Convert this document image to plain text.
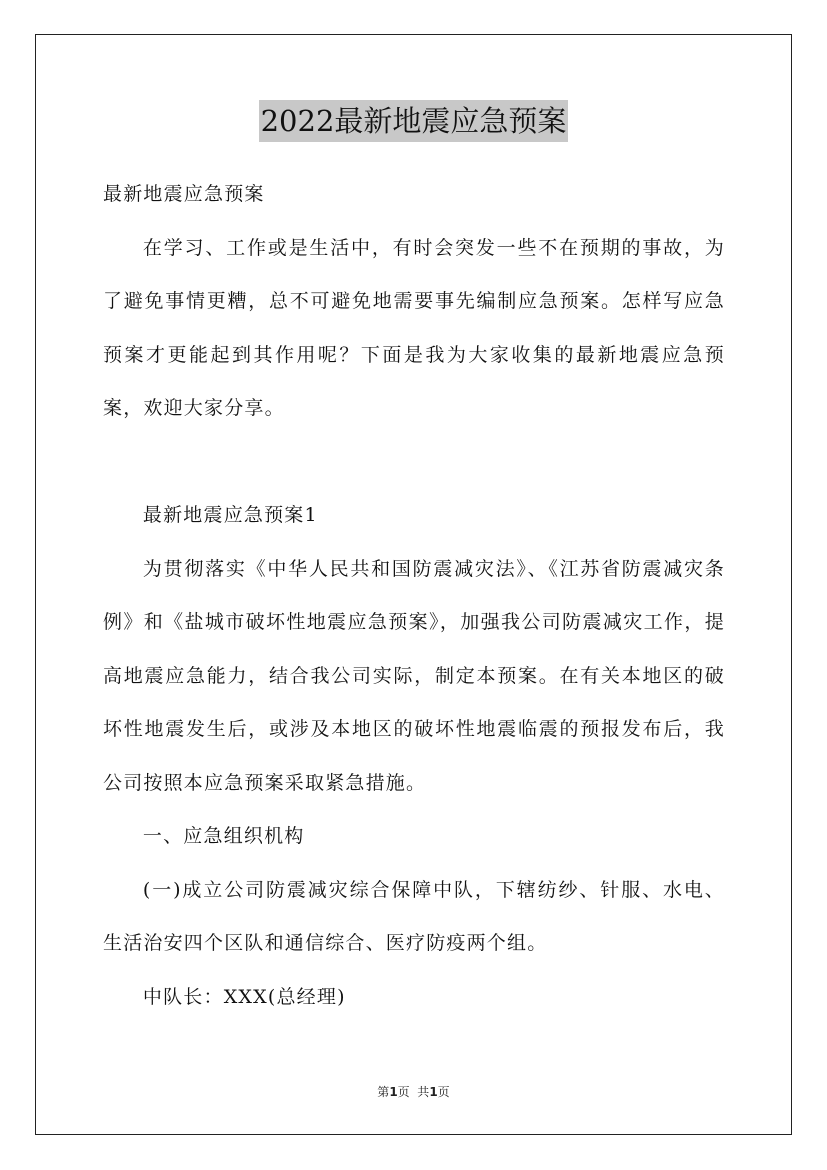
2022最新地震应急预案

最新地震应急预案

在学习、工作或是生活中，有时会突发一些不在预期的事故，为了避免事情更糟，总不可避免地需要事先编制应急预案。怎样写应急预案才更能起到其作用呢？下面是我为大家收集的最新地震应急预案，欢迎大家分享。

最新地震应急预案1

为贯彻落实《中华人民共和国防震减灾法》、《江苏省防震减灾条例》和《盐城市破坏性地震应急预案》，加强我公司防震减灾工作，提高地震应急能力，结合我公司实际，制定本预案。在有关本地区的破坏性地震发生后，或涉及本地区的破坏性地震临震的预报发布后，我公司按照本应急预案采取紧急措施。

一、应急组织机构

(一)成立公司防震减灾综合保障中队，下辖纺纱、针服、水电、生活治安四个区队和通信综合、医疗防疫两个组。

中队长：XXX(总经理)

第1页  共1页
